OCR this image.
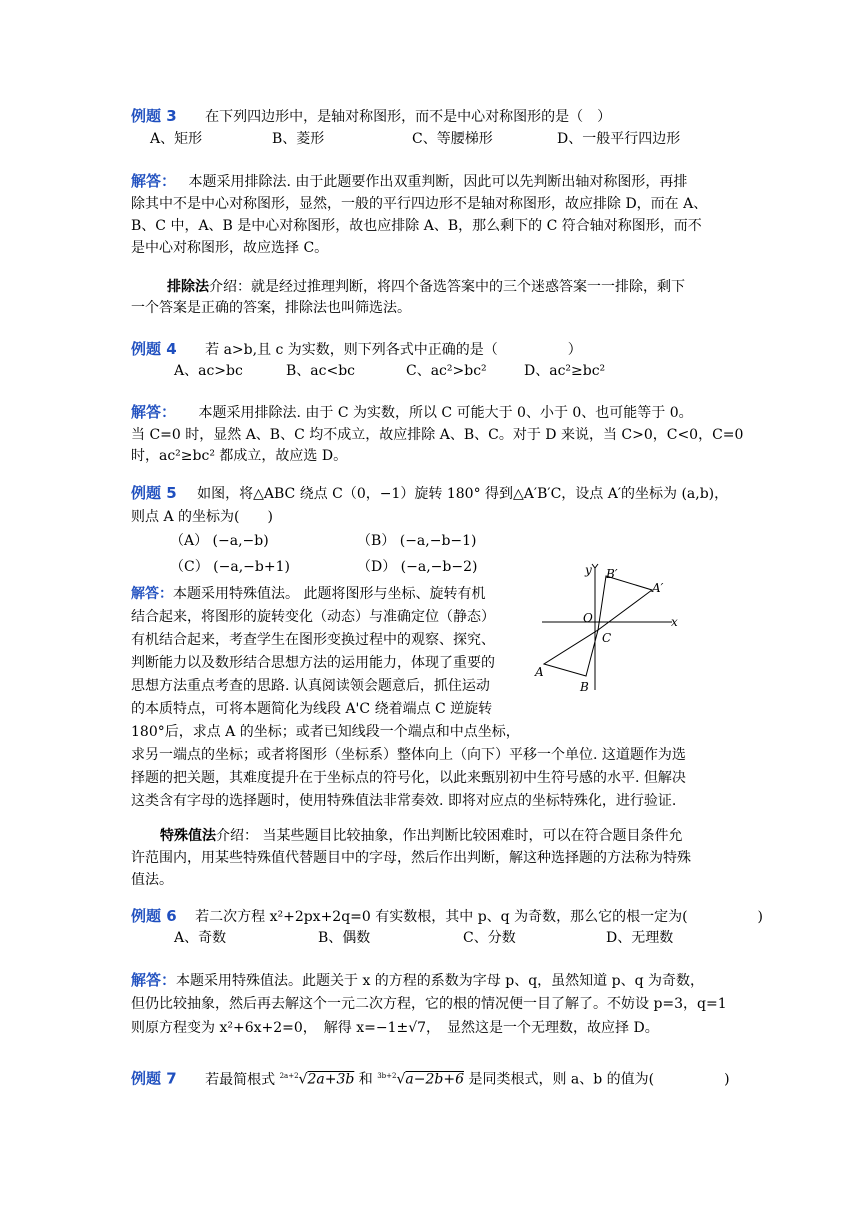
例题 3 在下列四边形中，是轴对称图形，而不是中心对称图形的是（　）
A、矩形	B、菱形	C、等腰梯形	D、一般平行四边形
解答： 本题采用排除法. 由于此题要作出双重判断，因此可以先判断出轴对称图形，再排
除其中不是中心对称图形，显然，一般的平行四边形不是轴对称图形，故应排除 D，而在 A、
B、C 中，A、B 是中心对称图形，故也应排除 A、B，那么剩下的 C 符合轴对称图形，而不
是中心对称图形，故应选择 C。
排除法介绍：就是经过推理判断，将四个备选答案中的三个迷惑答案一一排除，剩下
一个答案是正确的答案，排除法也叫筛选法。
例题 4 若 a>b,且 c 为实数，则下列各式中正确的是（　　　　　）
A、ac>bc	B、ac<bc	C、ac²>bc²	D、ac²≥bc²
解答： 本题采用排除法. 由于 C 为实数，所以 C 可能大于 0、小于 0、也可能等于 0。
当 C=0 时，显然 A、B、C 均不成立，故应排除 A、B、C。对于 D 来说，当 C>0，C<0，C=0
时，ac²≥bc² 都成立，故应选 D。
例题 5 如图，将△ABC 绕点 C（0，−1）旋转 180° 得到△A′B′C，设点 A′的坐标为 (a,b)，
则点 A 的坐标为(　　)
（A） (−a,−b)	（B） (−a,−b−1)
（C） (−a,−b+1)	（D） (−a,−b−2)
解答：本题采用特殊值法。 此题将图形与坐标、旋转有机
结合起来，将图形的旋转变化（动态）与准确定位（静态）
有机结合起来，考查学生在图形变换过程中的观察、探究、
判断能力以及数形结合思想方法的运用能力，体现了重要的
思想方法重点考查的思路. 认真阅读领会题意后，抓住运动
的本质特点，可将本题简化为线段 A'C 绕着端点 C 逆旋转
180°后，求点 A 的坐标；或者已知线段一个端点和中点坐标，
求另一端点的坐标；或者将图形（坐标系）整体向上（向下）平移一个单位. 这道题作为选
择题的把关题，其难度提升在于坐标点的符号化，以此来甄别初中生符号感的水平. 但解决
这类含有字母的选择题时，使用特殊值法非常奏效. 即将对应点的坐标特殊化，进行验证.
y
x
O
C
A
B
A′
B′
特殊值法介绍： 当某些题目比较抽象，作出判断比较困难时，可以在符合题目条件允
许范围内，用某些特殊值代替题目中的字母，然后作出判断，解这种选择题的方法称为特殊
值法。
例题 6 若二次方程 x²+2px+2q=0 有实数根，其中 p、q 为奇数，那么它的根一定为(　　　　　)
A、奇数	B、偶数	C、分数	D、无理数
解答：本题采用特殊值法。此题关于 x 的方程的系数为字母 p、q，虽然知道 p、q 为奇数，
但仍比较抽象，然后再去解这个一元二次方程，它的根的情况便一目了解了。不妨设 p=3，q=1
则原方程变为 x²+6x+2=0，　解得 x=−1±√7，　显然这是一个无理数，故应择 D。
例题 7 若最简根式 $^{2a+2}$√2a+3b 和 $^{3b+2}$√a−2b+6 是同类根式，则 a、b 的值为(　　　　　)
